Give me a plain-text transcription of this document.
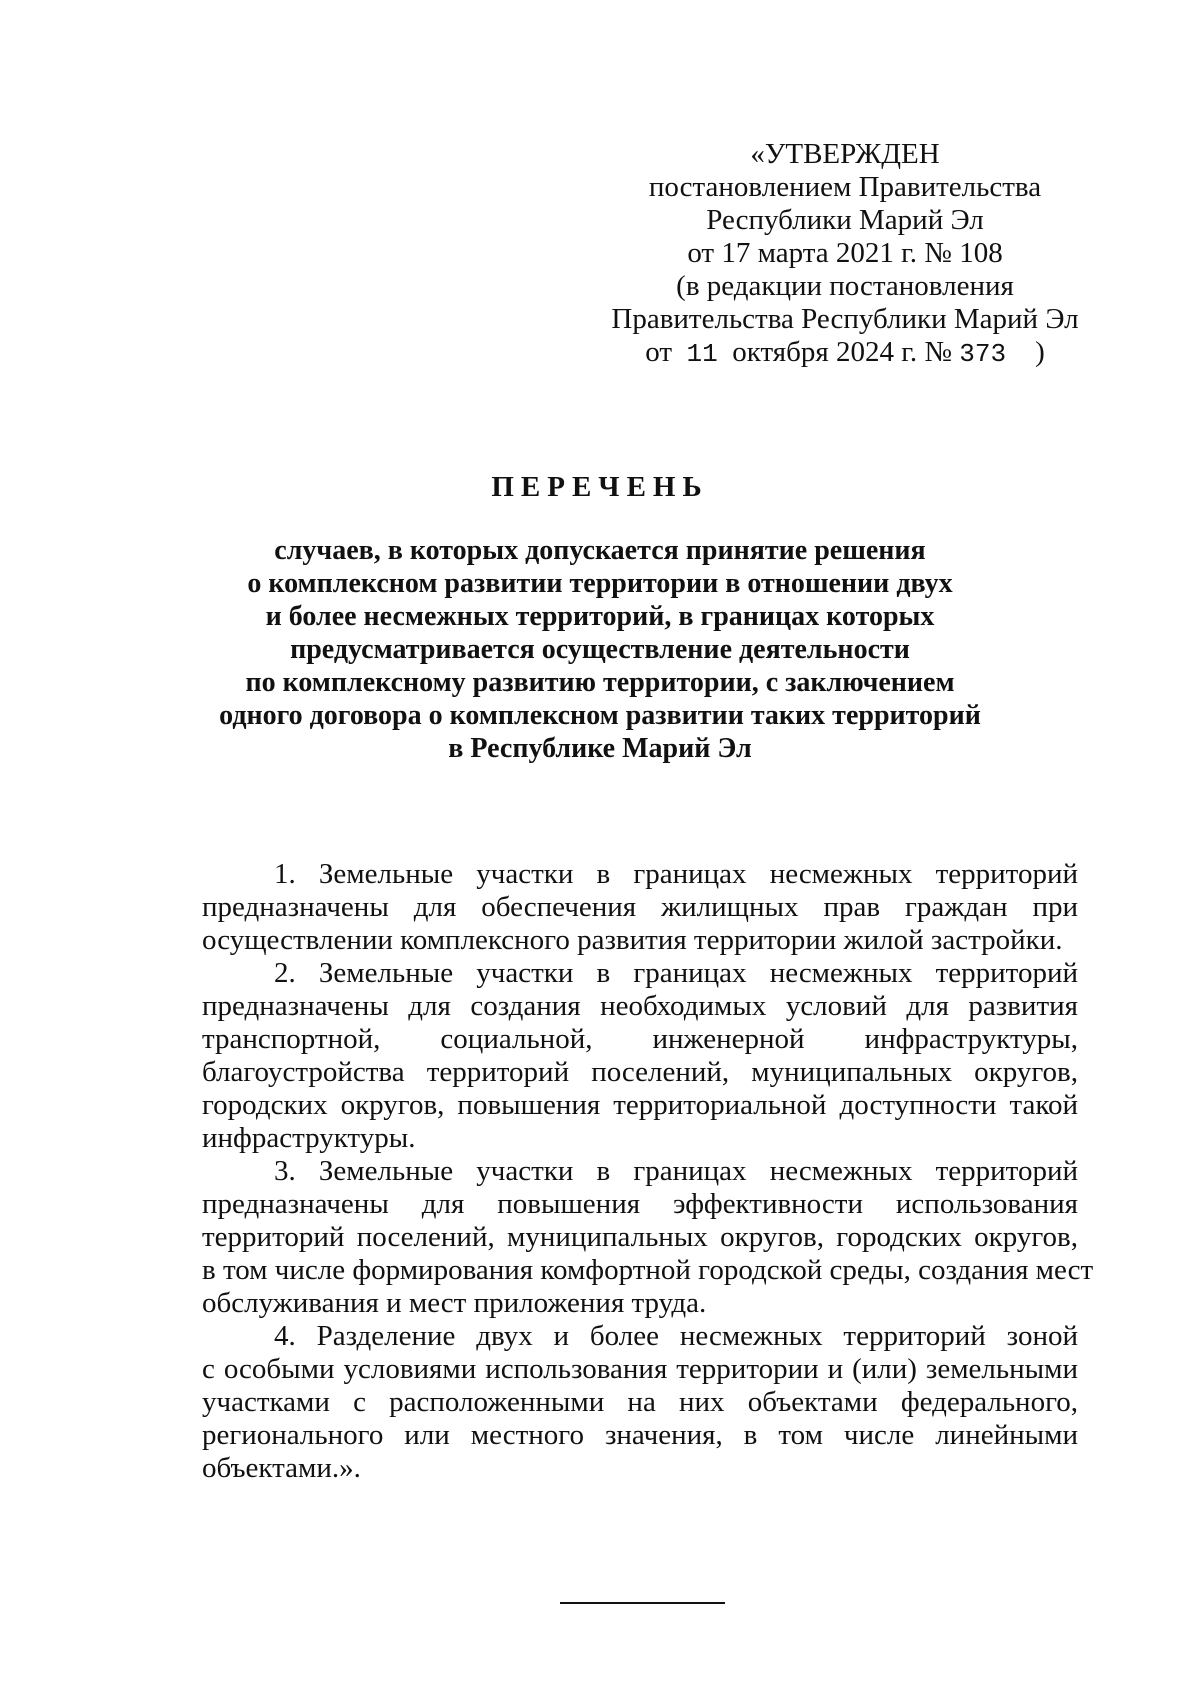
«УТВЕРЖДЕН
постановлением Правительства
Республики Марий Эл
от 17 марта 2021 г. № 108
(в редакции постановления
Правительства Республики Марий Эл
от  11  октября 2024 г. № 373    )
ПЕРЕЧЕНЬ
случаев, в которых допускается принятие решения
о комплексном развитии территории в отношении двух
и более несмежных территорий, в границах которых
предусматривается осуществление деятельности
по комплексному развитию территории, с заключением
одного договора о комплексном развитии таких территорий
в Республике Марий Эл
1. Земельные участки в границах несмежных территорий
предназначены для обеспечения жилищных прав граждан при
осуществлении комплексного развития территории жилой застройки.
2. Земельные участки в границах несмежных территорий
предназначены для создания необходимых условий для развития
транспортной, социальной, инженерной инфраструктуры,
благоустройства территорий поселений, муниципальных округов,
городских округов, повышения территориальной доступности такой
инфраструктуры.
3. Земельные участки в границах несмежных территорий
предназначены для повышения эффективности использования
территорий поселений, муниципальных округов, городских округов,
в том числе формирования комфортной городской среды, создания мест
обслуживания и мест приложения труда.
4. Разделение двух и более несмежных территорий зоной
с особыми условиями использования территории и (или) земельными
участками с расположенными на них объектами федерального,
регионального или местного значения, в том числе линейными
объектами.».
